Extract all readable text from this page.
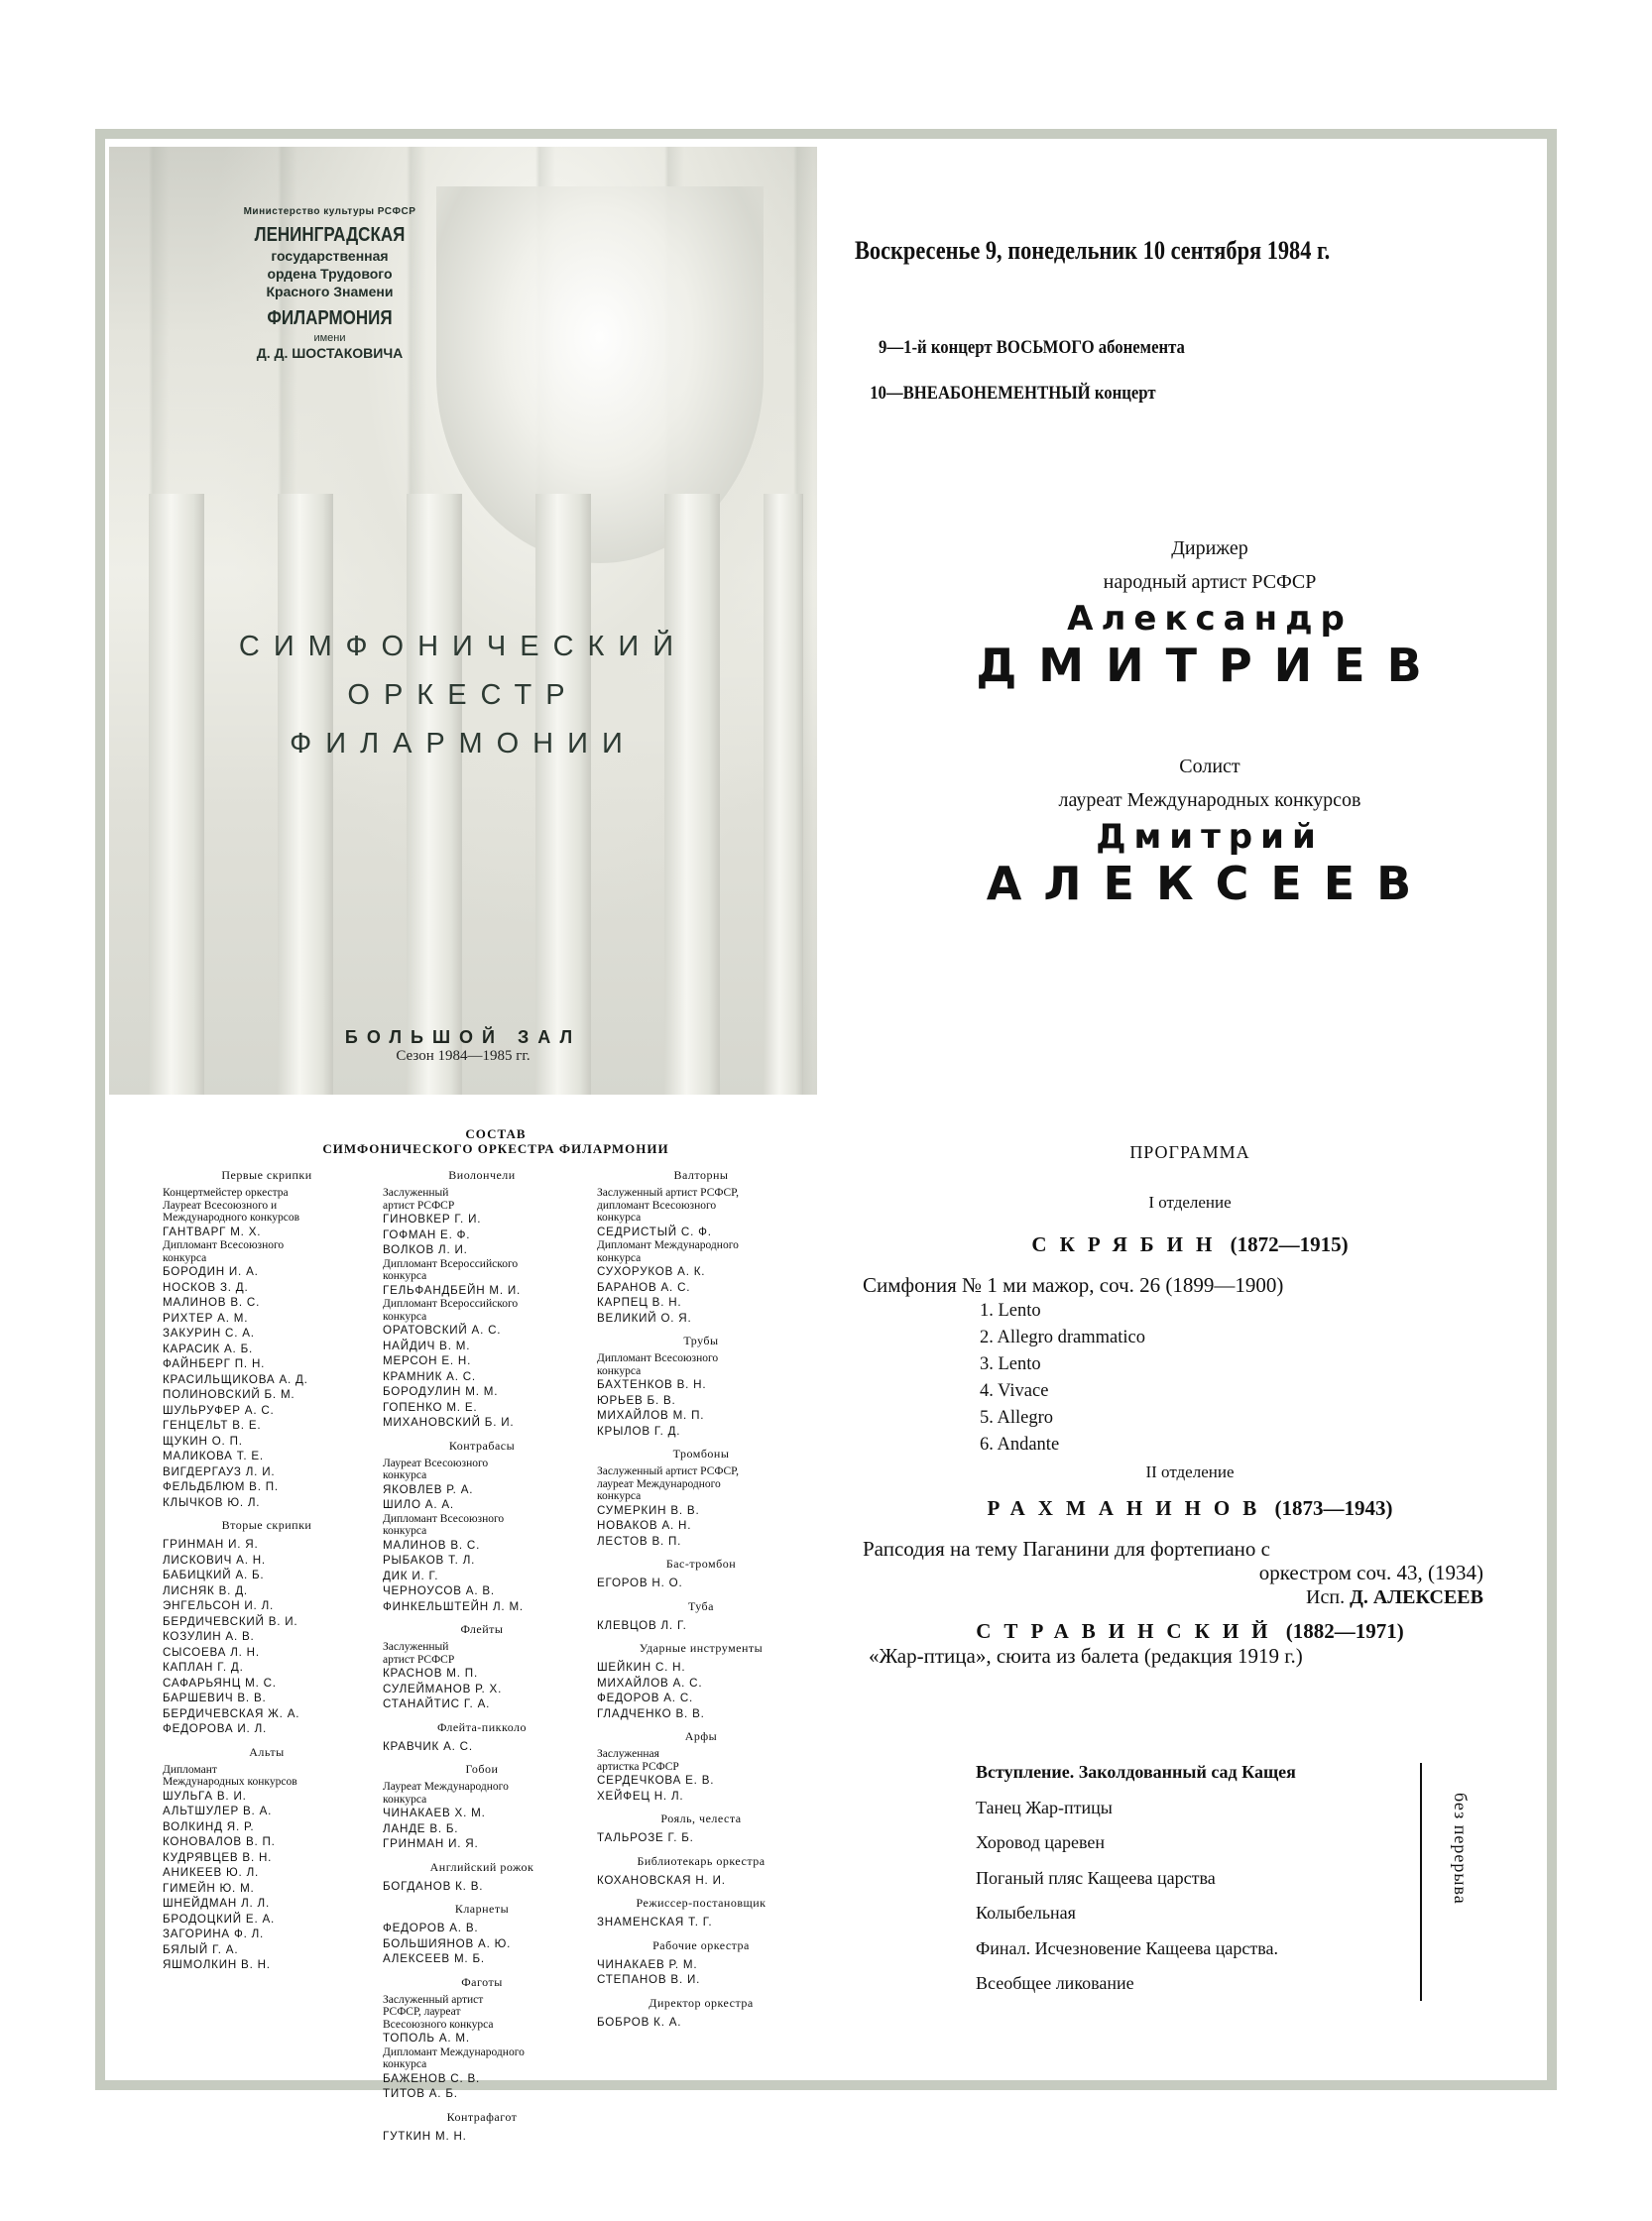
Министерство культуры РСФСР
ЛЕНИНГРАДСКАЯ
государственная
ордена Трудового
Красного Знамени
ФИЛАРМОНИЯ
имени
Д. Д. ШОСТАКОВИЧА
СИМФОНИЧЕСКИЙ
ОРКЕСТР
ФИЛАРМОНИИ
БОЛЬШОЙ ЗАЛ
Сезон 1984—1985 гг.
Воскресенье 9, понедельник 10 сентября 1984 г.
9—1-й концерт ВОСЬМОГО абонемента
10—ВНЕАБОНЕМЕНТНЫЙ концерт
Дирижер
народный артист РСФСР
Александр
ДМИТРИЕВ
Солист
лауреат Международных конкурсов
Дмитрий
АЛЕКСЕЕВ
СОСТАВ
СИМФОНИЧЕСКОГО ОРКЕСТРА ФИЛАРМОНИИ
Первые скрипки
Концертмейстер оркестра
Лауреат Всесоюзного и
Международного конкурсов
ГАНТВАРГ М. Х.
Дипломант Всесоюзного
конкурса
БОРОДИН И. А.
НОСКОВ З. Д.
МАЛИНОВ В. С.
РИХТЕР А. М.
ЗАКУРИН С. А.
КАРАСИК А. Б.
ФАЙНБЕРГ П. Н.
КРАСИЛЬЩИКОВА А. Д.
ПОЛИНОВСКИЙ Б. М.
ШУЛЬРУФЕР А. С.
ГЕНЦЕЛЬТ В. Е.
ЩУКИН О. П.
МАЛИКОВА Т. Е.
ВИГДЕРГАУЗ Л. И.
ФЕЛЬДБЛЮМ В. П.
КЛЫЧКОВ Ю. Л.
Вторые скрипки
ГРИНМАН И. Я.
ЛИСКОВИЧ А. Н.
БАБИЦКИЙ А. Б.
ЛИСНЯК В. Д.
ЭНГЕЛЬСОН И. Л.
БЕРДИЧЕВСКИЙ В. И.
КОЗУЛИН А. В.
СЫСОЕВА Л. Н.
КАПЛАН Г. Д.
САФАРЬЯНЦ М. С.
БАРШЕВИЧ В. В.
БЕРДИЧЕВСКАЯ Ж. А.
ФЕДОРОВА И. Л.
Альты
Дипломант
Международных конкурсов
ШУЛЬГА В. И.
АЛЬТШУЛЕР В. А.
ВОЛКИНД Я. Р.
КОНОВАЛОВ В. П.
КУДРЯВЦЕВ В. Н.
АНИКЕЕВ Ю. Л.
ГИМЕЙН Ю. М.
ШНЕЙДМАН Л. Л.
БРОДОЦКИЙ Е. А.
ЗАГОРИНА Ф. Л.
БЯЛЫЙ Г. А.
ЯШМОЛКИН В. Н.
Виолончели
Заслуженный
артист РСФСР
ГИНОВКЕР Г. И.
ГОФМАН Е. Ф.
ВОЛКОВ Л. И.
Дипломант Всероссийского
конкурса
ГЕЛЬФАНДБЕЙН М. И.
Дипломант Всероссийского
конкурса
ОРАТОВСКИЙ А. С.
НАЙДИЧ В. М.
МЕРСОН Е. Н.
КРАМНИК А. С.
БОРОДУЛИН М. М.
ГОПЕНКО М. Е.
МИХАНОВСКИЙ Б. И.
Контрабасы
Лауреат Всесоюзного
конкурса
ЯКОВЛЕВ Р. А.
ШИЛО А. А.
Дипломант Всесоюзного
конкурса
МАЛИНОВ В. С.
РЫБАКОВ Т. Л.
ДИК И. Г.
ЧЕРНОУСОВ А. В.
ФИНКЕЛЬШТЕЙН Л. М.
Флейты
Заслуженный
артист РСФСР
КРАСНОВ М. П.
СУЛЕЙМАНОВ Р. Х.
СТАНАЙТИС Г. А.
Флейта-пикколо
КРАВЧИК А. С.
Гобои
Лауреат Международного
конкурса
ЧИНАКАЕВ Х. М.
ЛАНДЕ В. Б.
ГРИНМАН И. Я.
Английский рожок
БОГДАНОВ К. В.
Кларнеты
ФЕДОРОВ А. В.
БОЛЬШИЯНОВ А. Ю.
АЛЕКСЕЕВ М. Б.
Фаготы
Заслуженный артист
РСФСР, лауреат
Всесоюзного конкурса
ТОПОЛЬ А. М.
Дипломант Международного
конкурса
БАЖЕНОВ С. В.
ТИТОВ А. Б.
Контрафагот
ГУТКИН М. Н.
Валторны
Заслуженный артист РСФСР,
дипломант Всесоюзного
конкурса
СЕДРИСТЫЙ С. Ф.
Дипломант Международного
конкурса
СУХОРУКОВ А. К.
БАРАНОВ А. С.
КАРПЕЦ В. Н.
ВЕЛИКИЙ О. Я.
Трубы
Дипломант Всесоюзного
конкурса
БАХТЕНКОВ В. Н.
ЮРЬЕВ Б. В.
МИХАЙЛОВ М. П.
КРЫЛОВ Г. Д.
Тромбоны
Заслуженный артист РСФСР,
лауреат Международного
конкурса
СУМЕРКИН В. В.
НОВАКОВ А. Н.
ЛЕСТОВ В. П.
Бас-тромбон
ЕГОРОВ Н. О.
Туба
КЛЕВЦОВ Л. Г.
Ударные инструменты
ШЕЙКИН С. Н.
МИХАЙЛОВ А. С.
ФЕДОРОВ А. С.
ГЛАДЧЕНКО В. В.
Арфы
Заслуженная
артистка РСФСР
СЕРДЕЧКОВА Е. В.
ХЕЙФЕЦ Н. Л.
Рояль, челеста
ТАЛЬРОЗЕ Г. Б.
Библиотекарь оркестра
КОХАНОВСКАЯ Н. И.
Режиссер-постановщик
ЗНАМЕНСКАЯ Т. Г.
Рабочие оркестра
ЧИНАКАЕВ Р. М.
СТЕПАНОВ В. И.
Директор оркестра
БОБРОВ К. А.
ПРОГРАММА
I отделение
СКРЯБИН (1872—1915)
Симфония № 1 ми мажор, соч. 26 (1899—1900)
1. Lento
2. Allegro drammatico
3. Lento
4. Vivace
5. Allegro
6. Andante
II отделение
РАХМАНИНОВ (1873—1943)
Рапсодия на тему Паганини для фортепиано с
оркестром соч. 43, (1934)
Исп. Д. АЛЕКСЕЕВ
СТРАВИНСКИЙ (1882—1971)
«Жар-птица», сюита из балета (редакция 1919 г.)
Вступление. Заколдованный сад Кащея
Танец Жар-птицы
Хоровод царевен
Поганый пляс Кащеева царства
Колыбельная
Финал. Исчезновение Кащеева царства.
Всеобщее ликование
без перерыва
